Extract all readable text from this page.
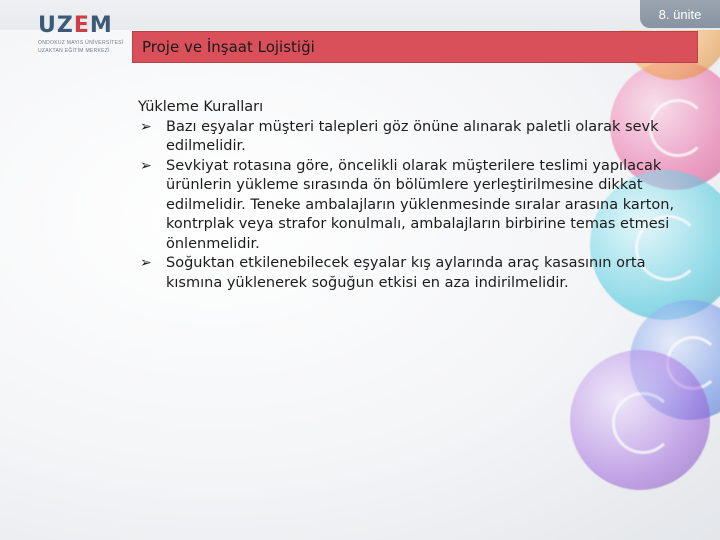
8. ünite
UZEM
ONDOKUZ MAYIS ÜNİVERSİTESİ
UZAKTAN EĞİTİM MERKEZİ	Proje ve İnşaat Lojistiği

Yükleme Kuralları

➢ Bazı eşyalar müşteri talepleri göz önüne alınarak paletli olarak sevk edilmelidir.
➢ Sevkiyat rotasına göre, öncelikli olarak müşterilere teslimi yapılacak ürünlerin yükleme sırasında ön bölümlere yerleştirilmesine dikkat edilmelidir. Teneke ambalajların yüklenmesinde sıralar arasına karton, kontrplak veya strafor konulmalı, ambalajların birbirine temas etmesi önlenmelidir.
➢ Soğuktan etkilenebilecek eşyalar kış aylarında araç kasasının orta kısmına yüklenerek soğuğun etkisi en aza indirilmelidir.
